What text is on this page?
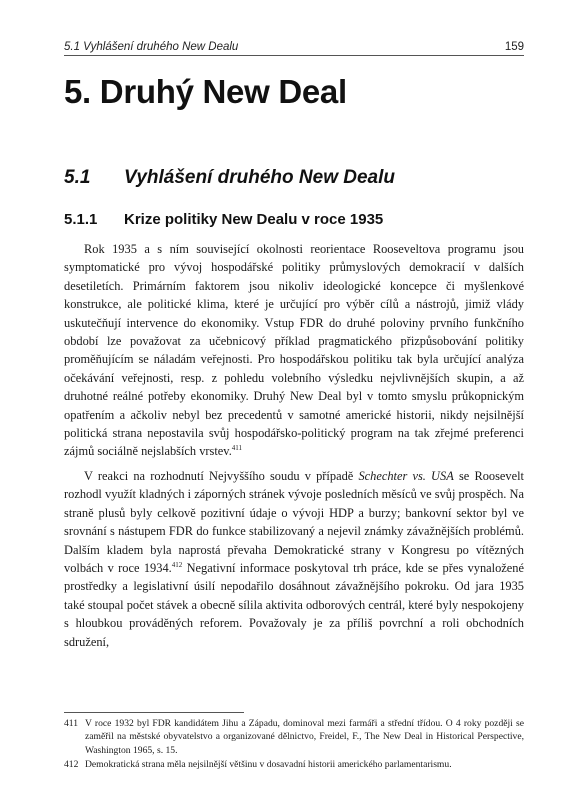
5.1 Vyhlášení druhého New Dealu	159
5. Druhý New Deal
5.1	Vyhlášení druhého New Dealu
5.1.1	Krize politiky New Dealu v roce 1935

Rok 1935 a s ním související okolnosti reorientace Rooseveltova programu jsou symptomatické pro vývoj hospodářské politiky průmyslových demokracií v dalších desetiletích. Primárním faktorem jsou nikoliv ideologické koncepce či myšlenkové konstrukce, ale politické klima, které je určující pro výběr cílů a nástrojů, jimiž vlády uskutečňují intervence do ekonomiky. Vstup FDR do druhé poloviny prvního funkčního období lze považovat za učebnicový příklad pragmatického přizpůsobování politiky proměňujícím se náladám veřejnosti. Pro hospodářskou politiku tak byla určující analýza očekávání veřejnosti, resp. z pohledu volebního výsledku nejvlivnějších skupin, a až druhotné reálné potřeby ekonomiky. Druhý New Deal byl v tomto smyslu průkopnickým opatřením a ačkoliv nebyl bez precedentů v samotné americké historii, nikdy nejsilnější politická strana nepostavila svůj hospodářsko-politický program na tak zřejmé preferenci zájmů sociálně nejslabších vrstev.$^{411}$

V reakci na rozhodnutí Nejvyššího soudu v případě Schechter vs. USA se Roosevelt rozhodl využít kladných i záporných stránek vývoje posledních měsíců ve svůj prospěch. Na straně plusů byly celkově pozitivní údaje o vývoji HDP a burzy; bankovní sektor byl ve srovnání s nástupem FDR do funkce stabilizovaný a nejevil známky závažnějších problémů. Dalším kladem byla naprostá převaha Demokratické strany v Kongresu po vítězných volbách v roce 1934.$^{412}$ Negativní informace poskytoval trh práce, kde se přes vynaložené prostředky a legislativní úsilí nepodařilo dosáhnout závažnějšího pokroku. Od jara 1935 také stoupal počet stávek a obecně sílila aktivita odborových centrál, které byly nespokojeny s hloubkou prováděných reforem. Považovaly je za příliš povrchní a roli obchodních sdružení,

411 V roce 1932 byl FDR kandidátem Jihu a Západu, dominoval mezi farmáři a střední třídou. O 4 roky později se zaměřil na městské obyvatelstvo a organizované dělnictvo, Freidel, F., The New Deal in Historical Perspective, Washington 1965, s. 15.
412 Demokratická strana měla nejsilnější většinu v dosavadní historii amerického parlamentarismu.
